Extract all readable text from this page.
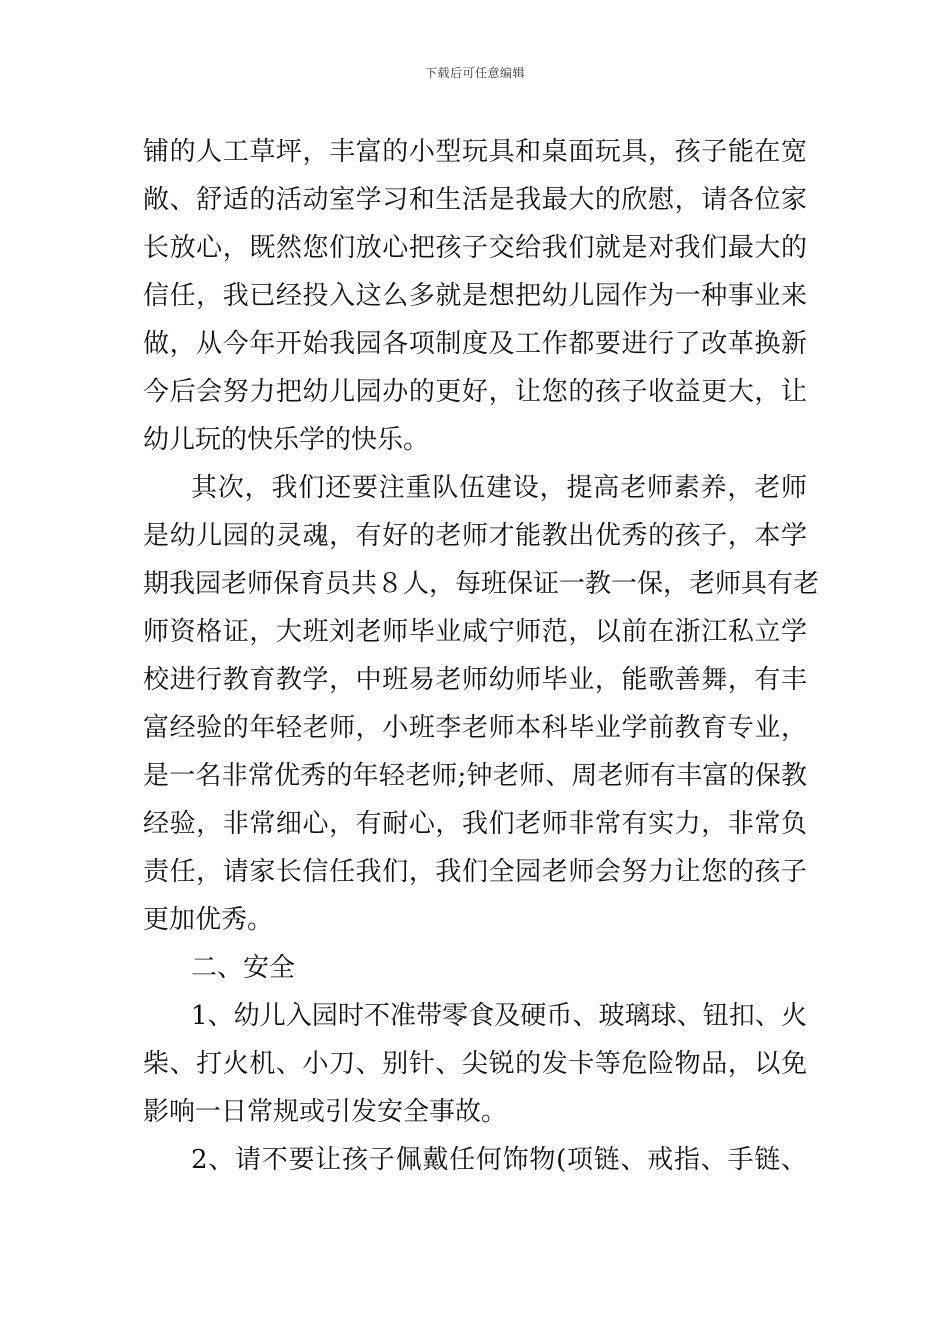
下载后可任意编辑
铺的人工草坪，丰富的小型玩具和桌面玩具，孩子能在宽
敞、舒适的活动室学习和生活是我最大的欣慰，请各位家
长放心，既然您们放心把孩子交给我们就是对我们最大的
信任，我已经投入这么多就是想把幼儿园作为一种事业来
做，从今年开始我园各项制度及工作都要进行了改革换新
今后会努力把幼儿园办的更好，让您的孩子收益更大，让
幼儿玩的快乐学的快乐。
其次，我们还要注重队伍建设，提高老师素养，老师
是幼儿园的灵魂，有好的老师才能教出优秀的孩子，本学
期我园老师保育员共８人，每班保证一教一保，老师具有老
师资格证，大班刘老师毕业咸宁师范，以前在浙江私立学
校进行教育教学，中班易老师幼师毕业，能歌善舞，有丰
富经验的年轻老师，小班李老师本科毕业学前教育专业，
是一名非常优秀的年轻老师;钟老师、周老师有丰富的保教
经验，非常细心，有耐心，我们老师非常有实力，非常负
责任，请家长信任我们，我们全园老师会努力让您的孩子
更加优秀。
二、安全
1、幼儿入园时不准带零食及硬币、玻璃球、钮扣、火
柴、打火机、小刀、别针、尖锐的发卡等危险物品，以免
影响一日常规或引发安全事故。
2、请不要让孩子佩戴任何饰物(项链、戒指、手链、
